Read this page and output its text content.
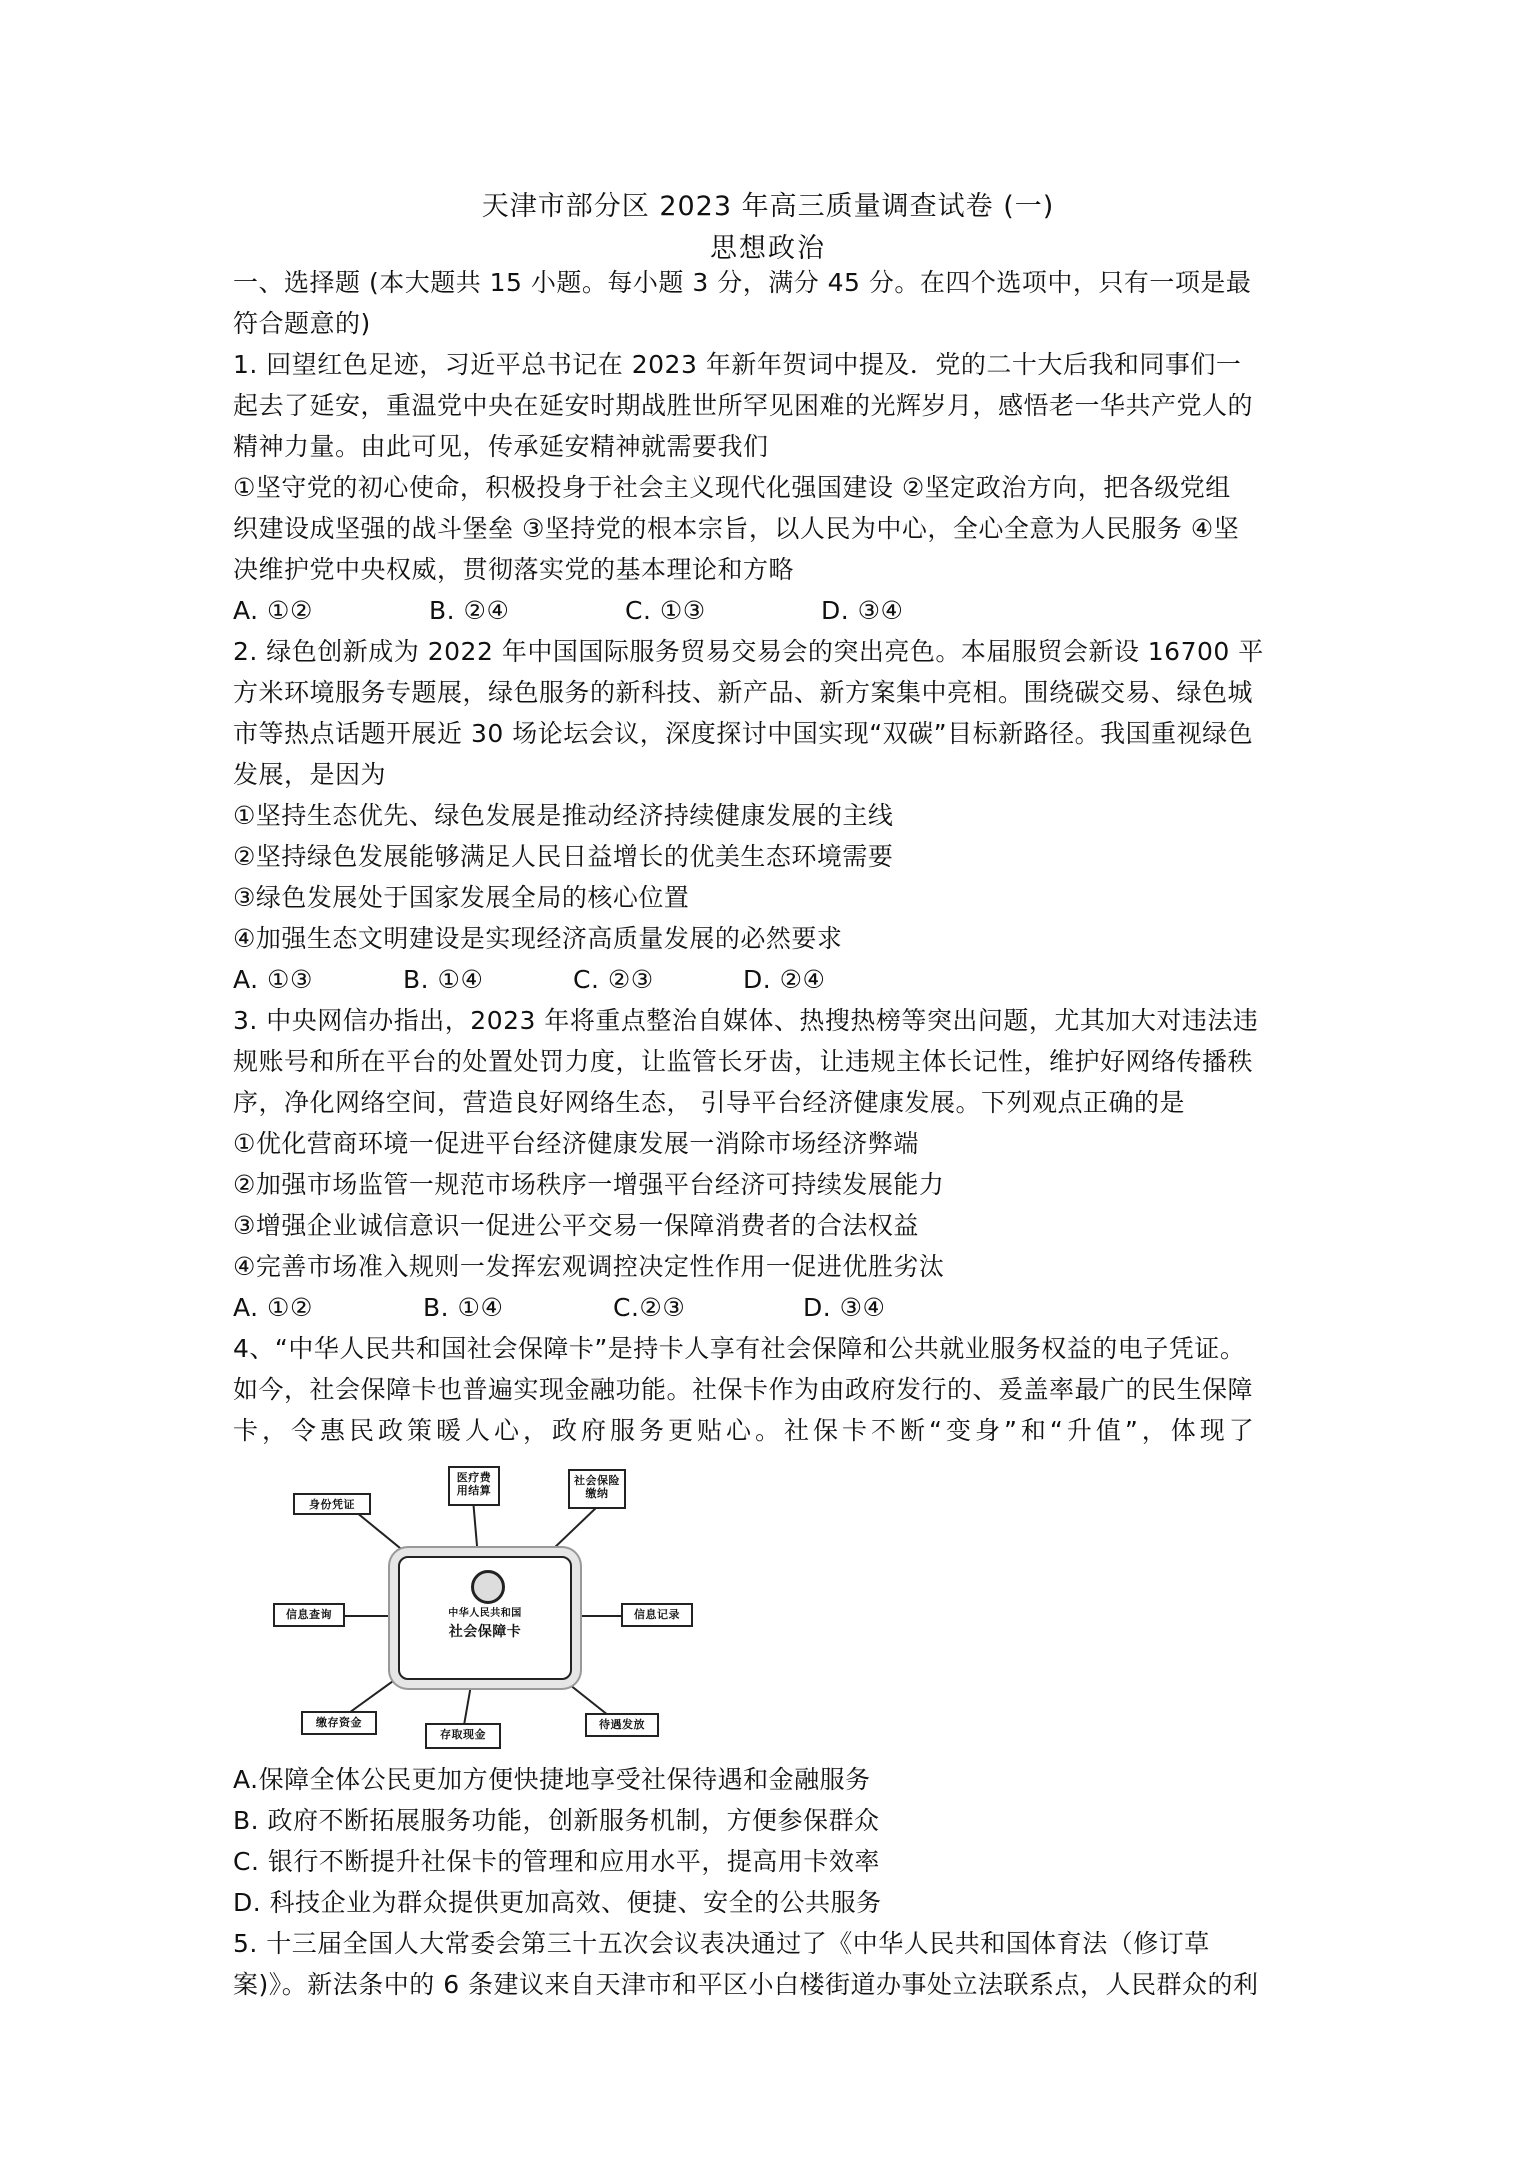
天津市部分区 2023 年高三质量调查试卷 (一)
思想政治

一、选择题 (本大题共 15 小题。每小题 3 分，满分 45 分。在四个选项中，只有一项是最

符合题意的)

1. 回望红色足迹，习近平总书记在 2023 年新年贺词中提及．党的二十大后我和同事们一

起去了延安，重温党中央在延安时期战胜世所罕见困难的光辉岁月，感悟老一华共产党人的

精神力量。由此可见，传承延安精神就需要我们

①坚守党的初心使命，积极投身于社会主义现代化强国建设 ②坚定政治方向，把各级党组

织建设成坚强的战斗堡垒 ③坚持党的根本宗旨，以人民为中心，全心全意为人民服务 ④坚

决维护党中央权威，贯彻落实党的基本理论和方略

A. ①②	B. ②④	C. ①③	D. ③④

2. 绿色创新成为 2022 年中国国际服务贸易交易会的突出亮色。本届服贸会新设 16700 平

方米环境服务专题展，绿色服务的新科技、新产品、新方案集中亮相。围绕碳交易、绿色城

市等热点话题开展近 30 场论坛会议，深度探讨中国实现“双碳”目标新路径。我国重视绿色

发展，是因为

①坚持生态优先、绿色发展是推动经济持续健康发展的主线

②坚持绿色发展能够满足人民日益增长的优美生态环境需要

③绿色发展处于国家发展全局的核心位置

④加强生态文明建设是实现经济高质量发展的必然要求

A. ①③	B. ①④	C. ②③	D. ②④

3. 中央网信办指出，2023 年将重点整治自媒体、热搜热榜等突出问题，尤其加大对违法违

规账号和所在平台的处置处罚力度，让监管长牙齿，让违规主体长记性，维护好网络传播秩

序，净化网络空间，营造良好网络生态， 引导平台经济健康发展。下列观点正确的是

①优化营商环境一促进平台经济健康发展一消除市场经济弊端

②加强市场监管一规范市场秩序一增强平台经济可持续发展能力

③增强企业诚信意识一促进公平交易一保障消费者的合法权益

④完善市场准入规则一发挥宏观调控决定性作用一促进优胜劣汰

A. ①②	B. ①④	C.②③	D. ③④

4、“中华人民共和国社会保障卡”是持卡人享有社会保障和公共就业服务权益的电子凭证。

如今，社会保障卡也普遍实现金融功能。社保卡作为由政府发行的、爰盖率最广的民生保障

卡，令惠民政策暖人心，政府服务更贴心。社保卡不断“变身”和“升值”，体现了

身份凭证
医疗费用结算
社会保险缴纳
信息记录
待遇发放
存取现金
缴存资金
信息查询	中华人民共和国
社会保障卡

A.保障全体公民更加方便快捷地享受社保待遇和金融服务

B. 政府不断拓展服务功能，创新服务机制，方便参保群众

C. 银行不断提升社保卡的管理和应用水平，提高用卡效率

D. 科技企业为群众提供更加高效、便捷、安全的公共服务

5. 十三届全国人大常委会第三十五次会议表决通过了《中华人民共和国体育法（修订草

案)》。新法条中的 6 条建议来自天津市和平区小白楼街道办事处立法联系点，人民群众的利
